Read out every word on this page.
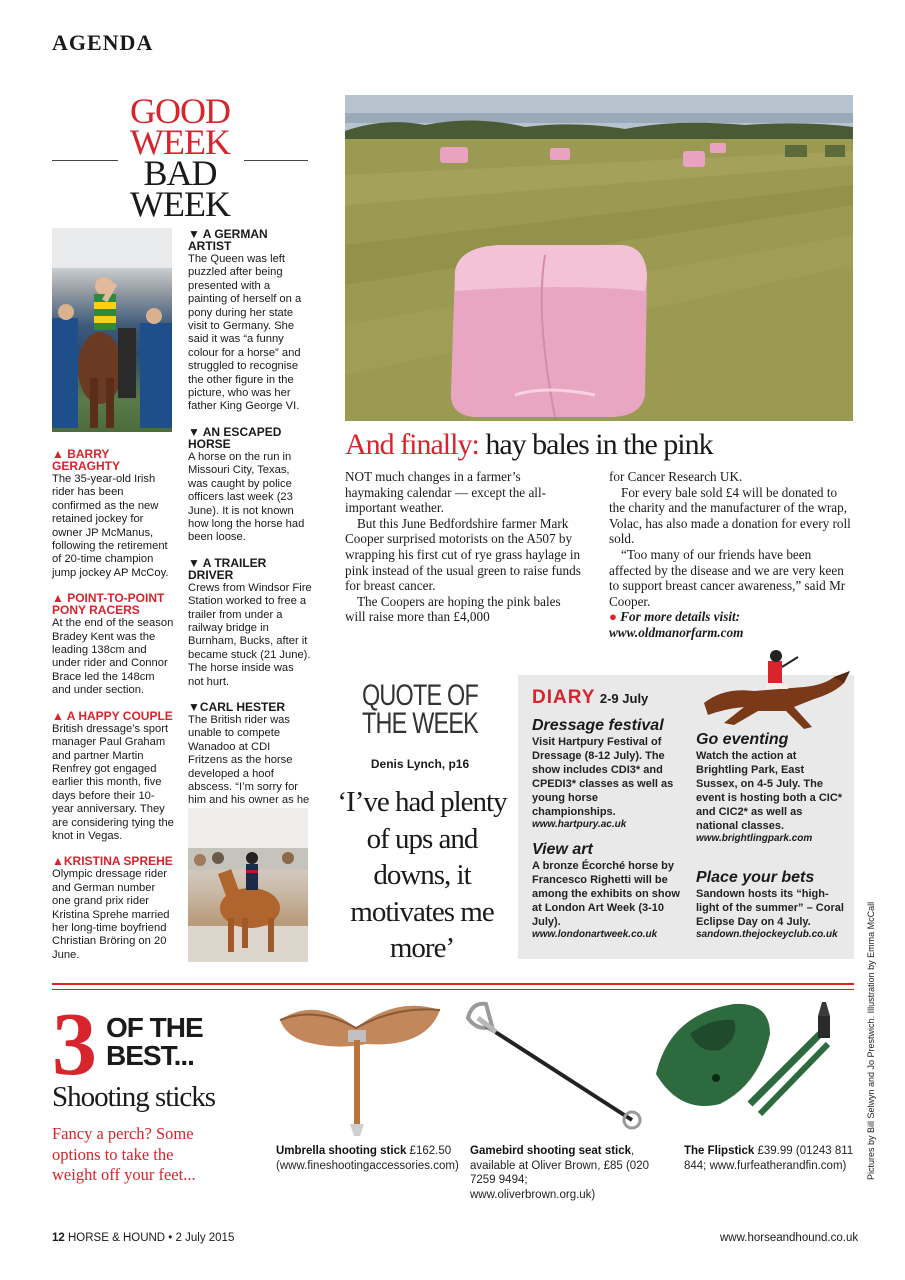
AGENDA
GOOD
WEEK
BAD
WEEK
▲ BARRY GERAGHTY
The 35-year-old Irish rider has been confirmed as the new retained jockey for owner JP McManus, following the retirement of 20-time champion jump jockey AP McCoy.
▲ POINT-TO-POINT PONY RACERS
At the end of the season Bradey Kent was the leading 138cm and under rider and Connor Brace led the 148cm and under section.
▲ A HAPPY COUPLE
British dressage’s sport manager Paul Graham and partner Martin Renfrey got engaged earlier this month, five days before their 10-year anniversary. They are considering tying the knot in Vegas.
▲KRISTINA SPREHE
Olympic dressage rider and German number one grand prix rider Kristina Sprehe married her long-time boyfriend Christian Bröring on 20 June.
▼ A GERMAN ARTIST
The Queen was left puzzled after being presented with a painting of herself on a pony during her state visit to Germany. She said it was “a funny colour for a horse” and struggled to recognise the other figure in the picture, who was her father King George VI.
▼ AN ESCAPED HORSE
A horse on the run in Missouri City, Texas, was caught by police officers last week (23 June). It is not known how long the horse had been loose.
▼ A TRAILER DRIVER
Crews from Windsor Fire Station worked to free a trailer from under a railway bridge in Burnham, Bucks, after it became stuck (21 June). The horse inside was not hurt.
▼CARL HESTER
The British rider was unable to compete Wanadoo at CDI Fritzens as the horse developed a hoof abscess. “I’m sorry for him and his owner as he
And finally: hay bales in the pink

NOT much changes in a farmer’s haymaking calendar — except the all-important weather.

But this June Bedfordshire farmer Mark Cooper surprised motorists on the A507 by wrapping his first cut of rye grass haylage in pink instead of the usual green to raise funds for breast cancer.

The Coopers are hoping the pink bales will raise more than £4,000

for Cancer Research UK.

For every bale sold £4 will be donated to the charity and the manufacturer of the wrap, Volac, has also made a donation for every roll sold.

“Too many of our friends have been affected by the disease and we are very keen to support breast cancer awareness,” said Mr Cooper.

● For more details visit: www.oldmanorfarm.com

QUOTE OF
THE WEEK
Denis Lynch, p16
‘I’ve had plenty of ups and downs, it motivates me more’
DIARY 2-9 July
Dressage festival
Visit Hartpury Festival of Dressage (8-12 July). The show includes CDI3* and CPEDI3* classes as well as young horse championships.
www.hartpury.ac.uk
View art
A bronze Écorché horse by Francesco Righetti will be among the exhibits on show at London Art Week (3-10 July).
www.londonartweek.co.uk
Go eventing
Watch the action at Brightling Park, East Sussex, on 4-5 July. The event is hosting both a CIC* and CIC2* as well as national classes.
www.brightlingpark.com
Place your bets
Sandown hosts its “high-light of the summer” – Coral Eclipse Day on 4 July.
sandown.thejockeyclub.co.uk
3 OF THE
BEST...
Shooting sticks
Fancy a perch? Some options to take the weight off your feet...
Umbrella shooting stick £162.50 (www.fineshootingaccessories.com)
Gamebird shooting seat stick, available at Oliver Brown, £85 (020 7259 9494; www.oliverbrown.org.uk)
The Flipstick £39.99 (01243 811 844; www.furfeatherandfin.com)
12 HORSE & HOUND • 2 July 2015	www.horseandhound.co.uk
Pictures by Bill Selwyn and Jo Prestwich. Illustration by Emma McCall
